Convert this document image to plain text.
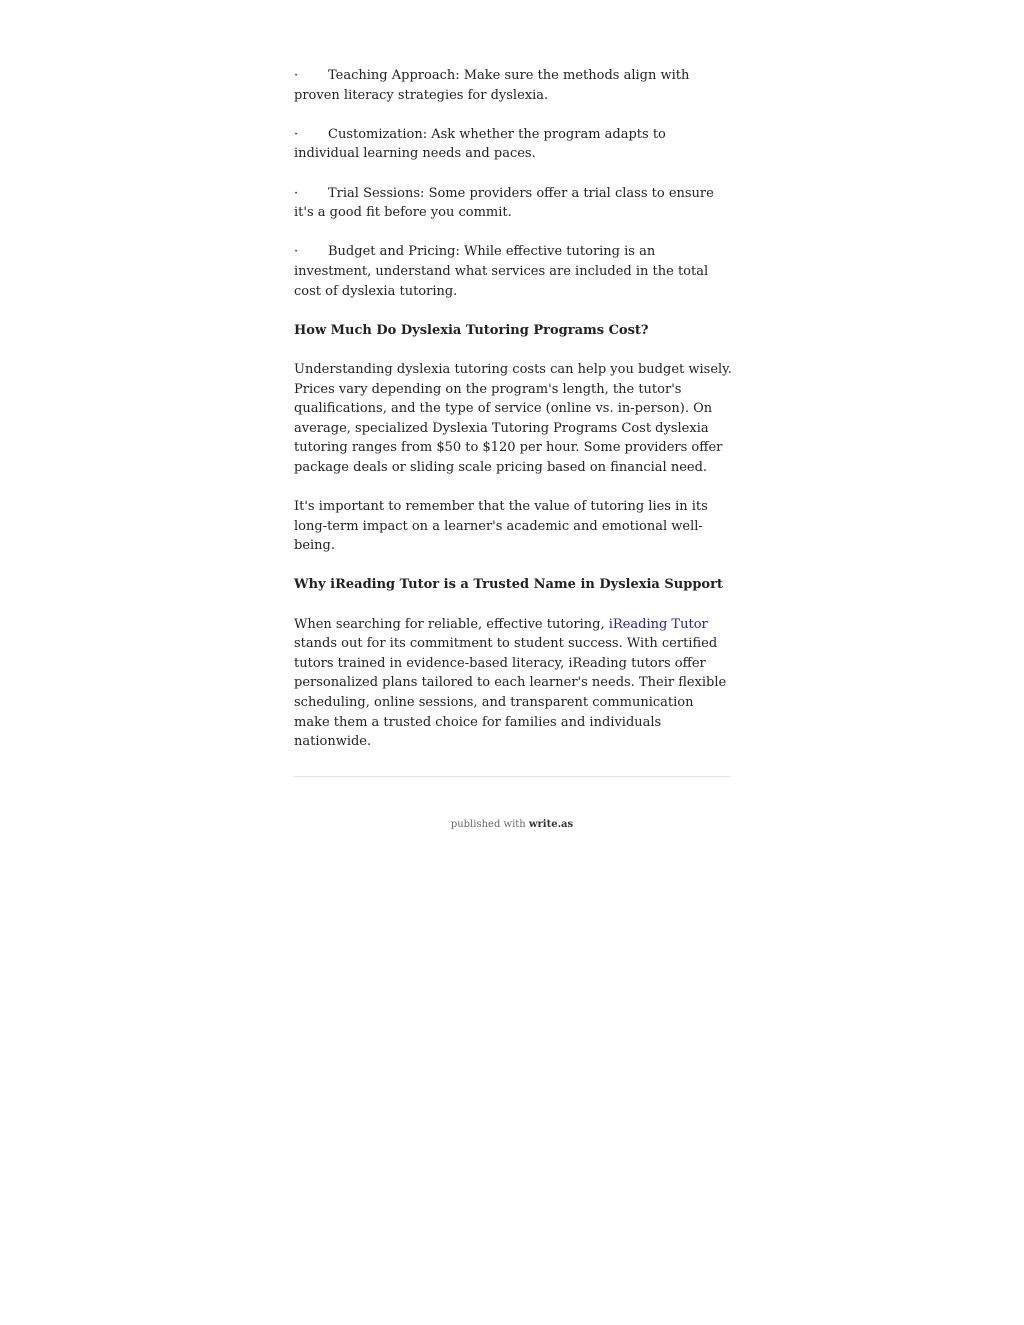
· Teaching Approach: Make sure the methods align with proven literacy strategies for dyslexia.

· Customization: Ask whether the program adapts to individual learning needs and paces.

· Trial Sessions: Some providers offer a trial class to ensure it's a good fit before you commit.

· Budget and Pricing: While effective tutoring is an investment, understand what services are included in the total cost of dyslexia tutoring.

How Much Do Dyslexia Tutoring Programs Cost?

Understanding dyslexia tutoring costs can help you budget wisely. Prices vary depending on the program's length, the tutor's qualifications, and the type of service (online vs. in-person). On average, specialized Dyslexia Tutoring Programs Cost dyslexia tutoring ranges from $50 to $120 per hour. Some providers offer package deals or sliding scale pricing based on financial need.

It's important to remember that the value of tutoring lies in its long-term impact on a learner's academic and emotional well-being.

Why iReading Tutor is a Trusted Name in Dyslexia Support

When searching for reliable, effective tutoring, iReading Tutor stands out for its commitment to student success. With certified tutors trained in evidence-based literacy, iReading tutors offer personalized plans tailored to each learner's needs. Their flexible scheduling, online sessions, and transparent communication make them a trusted choice for families and individuals nationwide.

published with write.as
